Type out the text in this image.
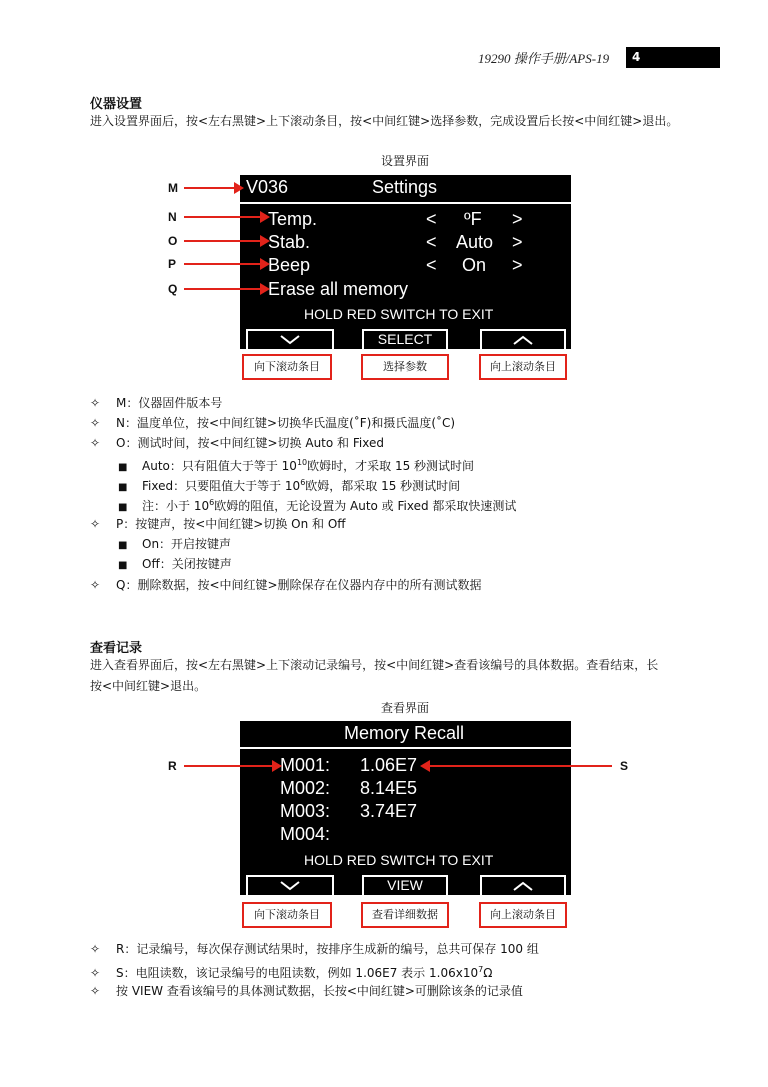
19290 操作手册/APS-19	4
仪器设置
进入设置界面后，按<左右黑键>上下滚动条目，按<中间红键>选择参数，完成设置后长按<中间红键>退出。
设置界面
V036	Settings
Temp.	< ºF >
Stab.	< Auto >
Beep	< On >
Erase all memory
HOLD RED SWITCH TO EXIT
SELECT
M
N
O
P
Q
向下滚动条目	选择参数	向上滚动条目
✧ M：仪器固件版本号
✧ N：温度单位，按<中间红键>切换华氏温度(˚F)和摄氏温度(˚C)
✧ O：测试时间，按<中间红键>切换 Auto 和 Fixed
■ Auto：只有阻值大于等于 $10^{10}$欧姆时，才采取 15 秒测试时间
■ Fixed：只要阻值大于等于 $10^6$欧姆，都采取 15 秒测试时间
■ 注：小于 $10^6$欧姆的阻值，无论设置为 Auto 或 Fixed 都采取快速测试
✧ P：按键声，按<中间红键>切换 On 和 Off
■ On：开启按键声
■ Off：关闭按键声
✧ Q：删除数据，按<中间红键>删除保存在仪器内存中的所有测试数据
查看记录
进入查看界面后，按<左右黑键>上下滚动记录编号，按<中间红键>查看该编号的具体数据。查看结束，长
按<中间红键>退出。
查看界面
Memory Recall
M001: 1.06E7
M002: 8.14E5
M003: 3.74E7
M004:
HOLD RED SWITCH TO EXIT
VIEW
R	S
向下滚动条目	查看详细数据	向上滚动条目
✧ R：记录编号，每次保存测试结果时，按排序生成新的编号，总共可保存 100 组
✧ S：电阻读数，该记录编号的电阻读数，例如 1.06E7 表示 $1.06x10^7\Omega$
✧ 按 VIEW 查看该编号的具体测试数据，长按<中间红键>可删除该条的记录值
